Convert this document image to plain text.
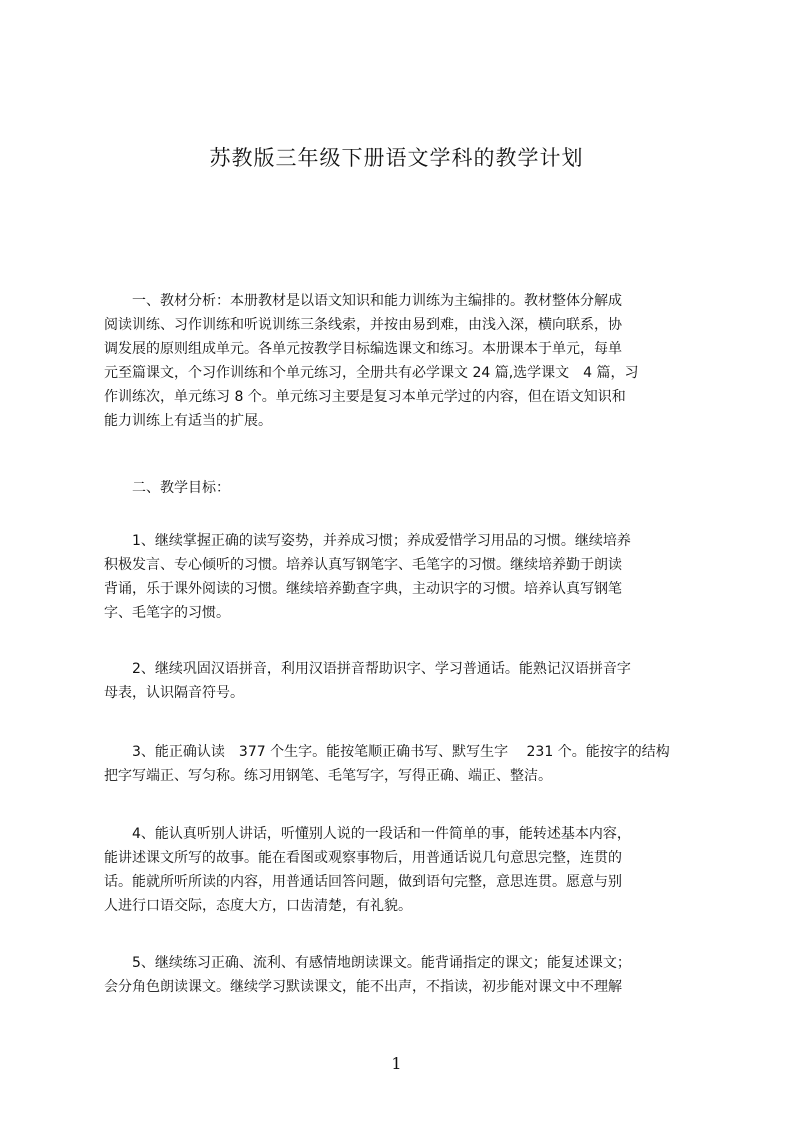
苏教版三年级下册语文学科的教学计划
　　一、教材分析：本册教材是以语文知识和能力训练为主编排的。教材整体分解成
阅读训练、习作训练和听说训练三条线索，并按由易到难，由浅入深，横向联系，协
调发展的原则组成单元。各单元按教学目标编选课文和练习。本册课本于单元，每单
元至篇课文，个习作训练和个单元练习，全册共有必学课文 24 篇,选学课文　4 篇，习
作训练次，单元练习 8 个。单元练习主要是复习本单元学过的内容，但在语文知识和
能力训练上有适当的扩展。
　　二、教学目标：
　　1、继续掌握正确的读写姿势，并养成习惯；养成爱惜学习用品的习惯。继续培养
积极发言、专心倾听的习惯。培养认真写钢笔字、毛笔字的习惯。继续培养勤于朗读
背诵，乐于课外阅读的习惯。继续培养勤查字典，主动识字的习惯。培养认真写钢笔
字、毛笔字的习惯。
　　2、继续巩固汉语拼音，利用汉语拼音帮助识字、学习普通话。能熟记汉语拼音字
母表，认识隔音符号。
　　3、能正确认读　377 个生字。能按笔顺正确书写、默写生字　 231 个。能按字的结构
把字写端正、写匀称。练习用钢笔、毛笔写字，写得正确、端正、整洁。
　　4、能认真听别人讲话，听懂别人说的一段话和一件简单的事，能转述基本内容，
能讲述课文所写的故事。能在看图或观察事物后，用普通话说几句意思完整，连贯的
话。能就所听所读的内容，用普通话回答问题，做到语句完整，意思连贯。愿意与别
人进行口语交际，态度大方，口齿清楚，有礼貌。
　　5、继续练习正确、流利、有感情地朗读课文。能背诵指定的课文；能复述课文；
会分角色朗读课文。继续学习默读课文，能不出声，不指读，初步能对课文中不理解
1
